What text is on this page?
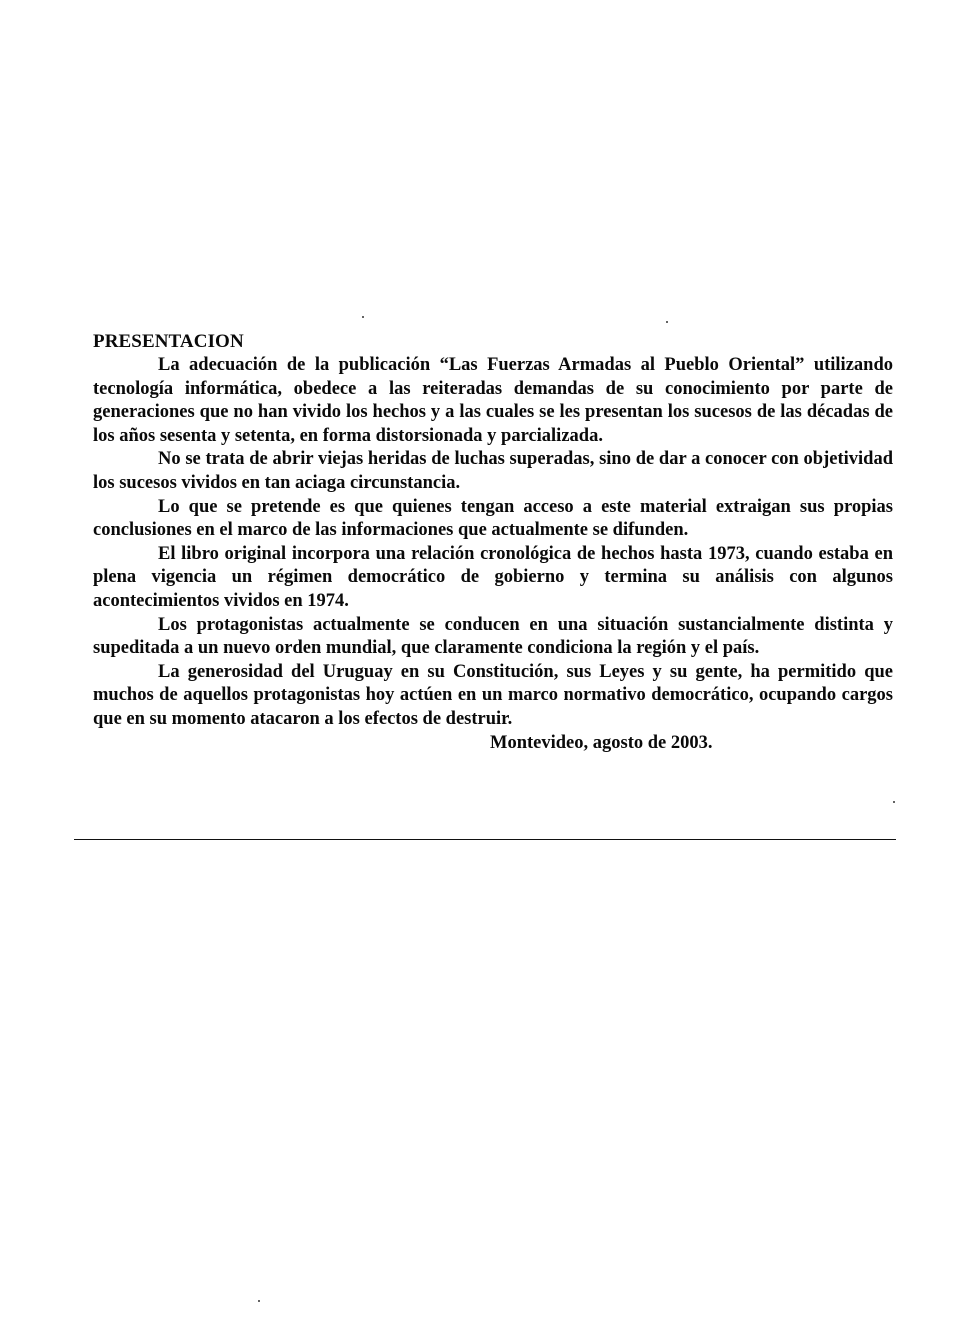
PRESENTACION

La adecuación de la publicación “Las Fuerzas Armadas al Pueblo Oriental” utilizando tecnología informática, obedece a las reiteradas demandas de su conocimiento por parte de generaciones que no han vivido los hechos y a las cuales se les presentan los sucesos de las décadas de los años sesenta y setenta, en forma distorsionada y parcializada.

No se trata de abrir viejas heridas de luchas superadas, sino de dar a conocer con objetividad los sucesos vividos en tan aciaga circunstancia.

Lo que se pretende es que quienes tengan acceso a este material extraigan sus propias conclusiones en el marco de las informaciones que actualmente se difunden.

El libro original incorpora una relación cronológica de hechos hasta 1973, cuando estaba en plena vigencia un régimen democrático de gobierno y termina su análisis con algunos acontecimientos vividos en 1974.

Los protagonistas actualmente se conducen en una situación sustancialmente distinta y supeditada a un nuevo orden mundial, que claramente condiciona la región y el país.

La generosidad del Uruguay en su Constitución, sus Leyes y su gente, ha permitido que muchos de aquellos protagonistas hoy actúen en un marco normativo democrático, ocupando cargos que en su momento atacaron a los efectos de destruir.

Montevideo, agosto de 2003.
